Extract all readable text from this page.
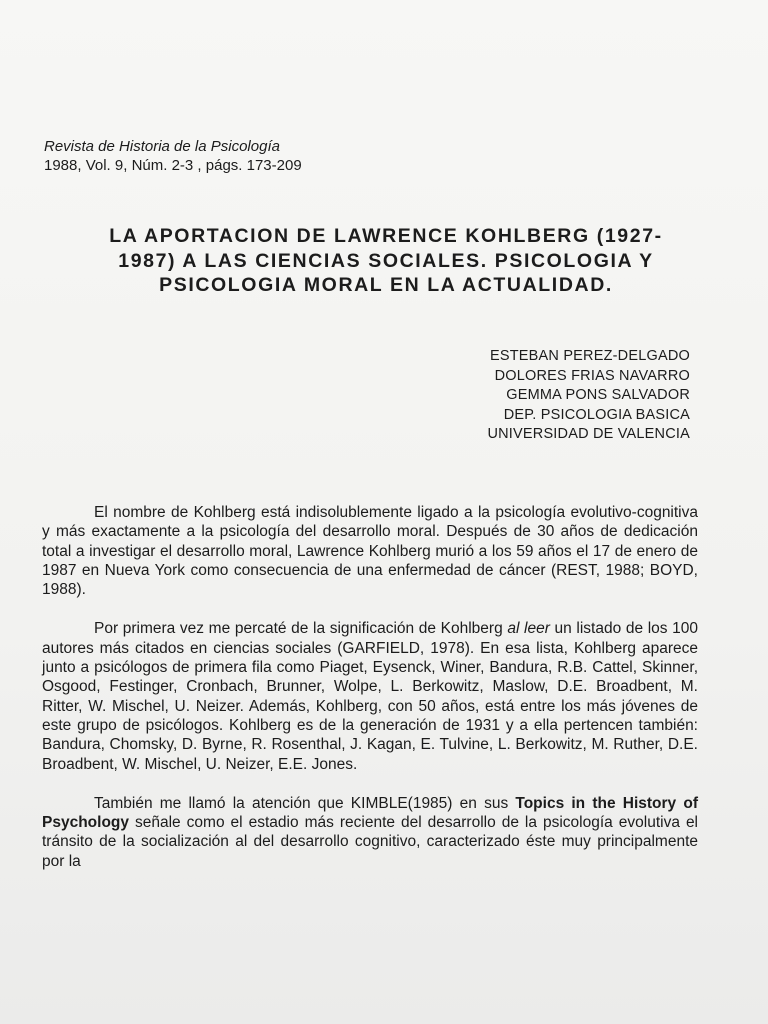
Revista de Historia de la Psicología
1988, Vol. 9, Núm. 2-3 , págs. 173-209
LA APORTACION DE LAWRENCE KOHLBERG (1927-
1987) A LAS CIENCIAS SOCIALES. PSICOLOGIA Y
PSICOLOGIA MORAL EN LA ACTUALIDAD.
ESTEBAN PEREZ-DELGADO
DOLORES FRIAS NAVARRO
GEMMA PONS SALVADOR
DEP. PSICOLOGIA BASICA
UNIVERSIDAD DE VALENCIA

El nombre de Kohlberg está indisolublemente ligado a la psicología evolutivo-cognitiva y más exactamente a la psicología del desarrollo moral. Después de 30 años de dedicación total a investigar el desarrollo moral, Lawrence Kohlberg murió a los 59 años el 17 de enero de 1987 en Nueva York como consecuencia de una enfermedad de cáncer (REST, 1988; BOYD, 1988).

Por primera vez me percaté de la significación de Kohlberg al leer un listado de los 100 autores más citados en ciencias sociales (GARFIELD, 1978). En esa lista, Kohlberg aparece junto a psicólogos de primera fila como Piaget, Eysenck, Winer, Bandura, R.B. Cattel, Skinner, Osgood, Festinger, Cronbach, Brunner, Wolpe, L. Berkowitz, Maslow, D.E. Broadbent, M. Ritter, W. Mischel, U. Neizer. Además, Kohlberg, con 50 años, está entre los más jóvenes de este grupo de psicólogos. Kohlberg es de la generación de 1931 y a ella pertencen también: Bandura, Chomsky, D. Byrne, R. Rosenthal, J. Kagan, E. Tulvine, L. Berkowitz, M. Ruther, D.E. Broadbent, W. Mischel, U. Neizer, E.E. Jones.

También me llamó la atención que KIMBLE(1985) en sus Topics in the History of Psychology señale como el estadio más reciente del desarrollo de la psicología evolutiva el tránsito de la socialización al del desarrollo cognitivo, caracterizado éste muy principalmente por la
